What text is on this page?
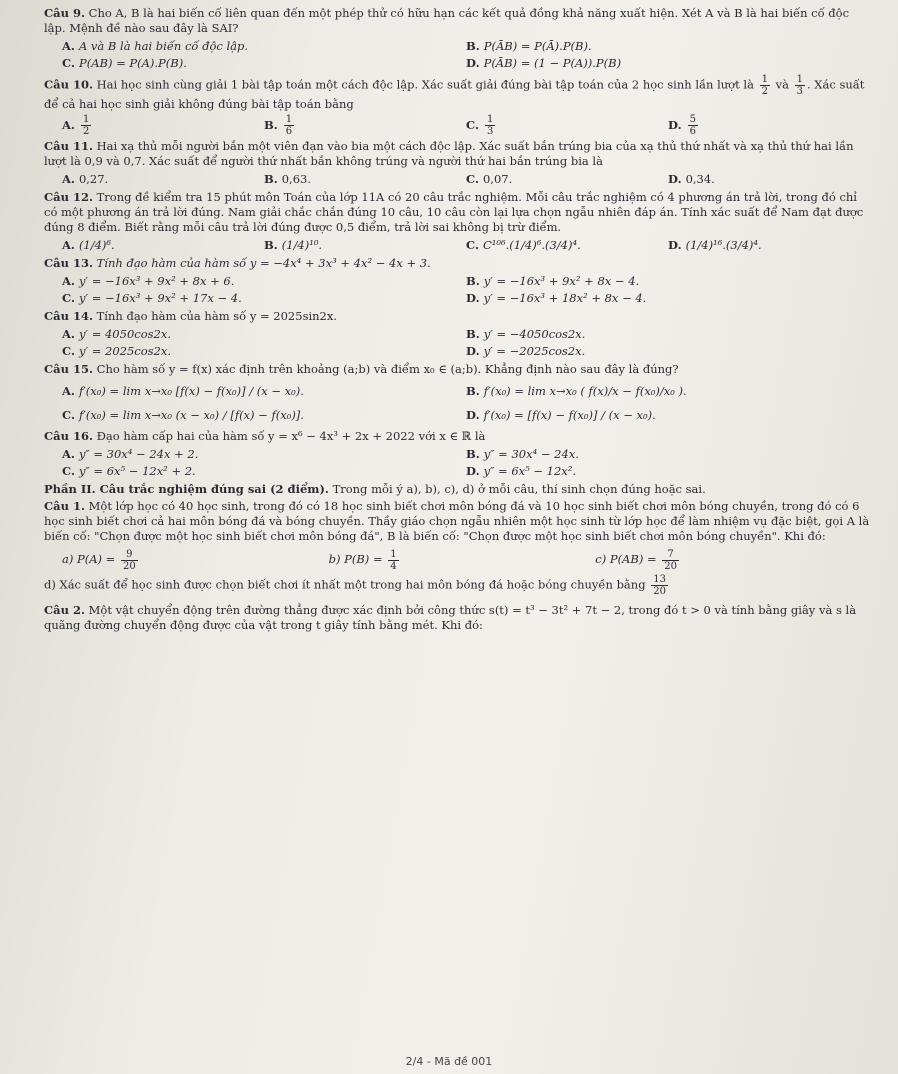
Câu 9. Cho A, B là hai biến cố liên quan đến một phép thử có hữu hạn các kết quả đồng khả năng xuất hiện. Xét A và B là hai biến cố độc lập. Mệnh đề nào sau đây là SAI?

A. A và B là hai biến cố độc lập.	B. P(ĀB) = P(Ā).P(B).
C. P(AB) = P(A).P(B).	D. P(ĀB) = (1 − P(A)).P(B)

Câu 10. Hai học sinh cùng giải 1 bài tập toán một cách độc lập. Xác suất giải đúng bài tập toán của 2 học sinh lần lượt là $\frac{1}{2}$ và $\frac{1}{3}$ . Xác suất để cả hai học sinh giải không đúng bài tập toán bằng

A. $\frac{1}{2}$	B. $\frac{1}{6}$	C. $\frac{1}{3}$	D. $\frac{5}{6}$

Câu 11. Hai xạ thủ mỗi người bắn một viên đạn vào bia một cách độc lập. Xác suất bắn trúng bia của xạ thủ thứ nhất và xạ thủ thứ hai lần lượt là 0,9 và 0,7. Xác suất để người thứ nhất bắn không trúng và người thứ hai bắn trúng bia là

A. 0,27.	B. 0,63.	C. 0,07.	D. 0,34.

Câu 12. Trong đề kiểm tra 15 phút môn Toán của lớp 11A có 20 câu trắc nghiệm. Mỗi câu trắc nghiệm có 4 phương án trả lời, trong đó chỉ có một phương án trả lời đúng. Nam giải chắc chắn đúng 10 câu, 10 câu còn lại lựa chọn ngẫu nhiên đáp án. Tính xác suất để Nam đạt được đúng 8 điểm. Biết rằng mỗi câu trả lời đúng được 0,5 điểm, trả lời sai không bị trừ điểm.

A. (1/4)⁶.	B. (1/4)¹⁰.	C. C¹⁰⁶.(1/4)⁶.(3/4)⁴.	D. (1/4)¹⁶.(3/4)⁴.

Câu 13. Tính đạo hàm của hàm số y = −4x⁴ + 3x³ + 4x² − 4x + 3.

A. y′ = −16x³ + 9x² + 8x + 6.	B. y′ = −16x³ + 9x² + 8x − 4.
C. y′ = −16x³ + 9x² + 17x − 4.	D. y′ = −16x³ + 18x² + 8x − 4.

Câu 14. Tính đạo hàm của hàm số y = 2025sin2x.

A. y′ = 4050cos2x.	B. y′ = −4050cos2x.
C. y′ = 2025cos2x.	D. y′ = −2025cos2x.

Câu 15. Cho hàm số y = f(x) xác định trên khoảng (a;b) và điểm x₀ ∈ (a;b). Khẳng định nào sau đây là đúng?

A. f′(x₀) = lim x→x₀ [f(x) − f(x₀)] / (x − x₀).	B. f′(x₀) = lim x→x₀ ( f(x)/x − f(x₀)/x₀ ).
C. f′(x₀) = lim x→x₀ (x − x₀) / [f(x) − f(x₀)].	D. f′(x₀) = [f(x) − f(x₀)] / (x − x₀).

Câu 16. Đạo hàm cấp hai của hàm số y = x⁶ − 4x³ + 2x + 2022 với x ∈ ℝ là

A. y″ = 30x⁴ − 24x + 2.	B. y″ = 30x⁴ − 24x.
C. y″ = 6x⁵ − 12x² + 2.	D. y″ = 6x⁵ − 12x².

Phần II. Câu trắc nghiệm đúng sai (2 điểm). Trong mỗi ý a), b), c), d) ở mỗi câu, thí sinh chọn đúng hoặc sai.

Câu 1. Một lớp học có 40 học sinh, trong đó có 18 học sinh biết chơi môn bóng đá và 10 học sinh biết chơi môn bóng chuyền, trong đó có 6 học sinh biết chơi cả hai môn bóng đá và bóng chuyền. Thầy giáo chọn ngẫu nhiên một học sinh từ lớp học để làm nhiệm vụ đặc biệt, gọi A là biến cố: "Chọn được một học sinh biết chơi môn bóng đá", B là biến cố: "Chọn được một học sinh biết chơi môn bóng chuyền". Khi đó:

a) $P(A) = \frac{9}{20}$	b) $P(B) = \frac{1}{4}$	c) $P(AB) = \frac{7}{20}$

d) Xác suất để học sinh được chọn biết chơi ít nhất một trong hai môn bóng đá hoặc bóng chuyền bằng $\frac{13}{20}$

Câu 2. Một vật chuyển động trên đường thẳng được xác định bởi công thức s(t) = t³ − 3t² + 7t − 2, trong đó t > 0 và tính bằng giây và s là quãng đường chuyển động được của vật trong t giây tính bằng mét. Khi đó:

2/4 - Mã đề 001
